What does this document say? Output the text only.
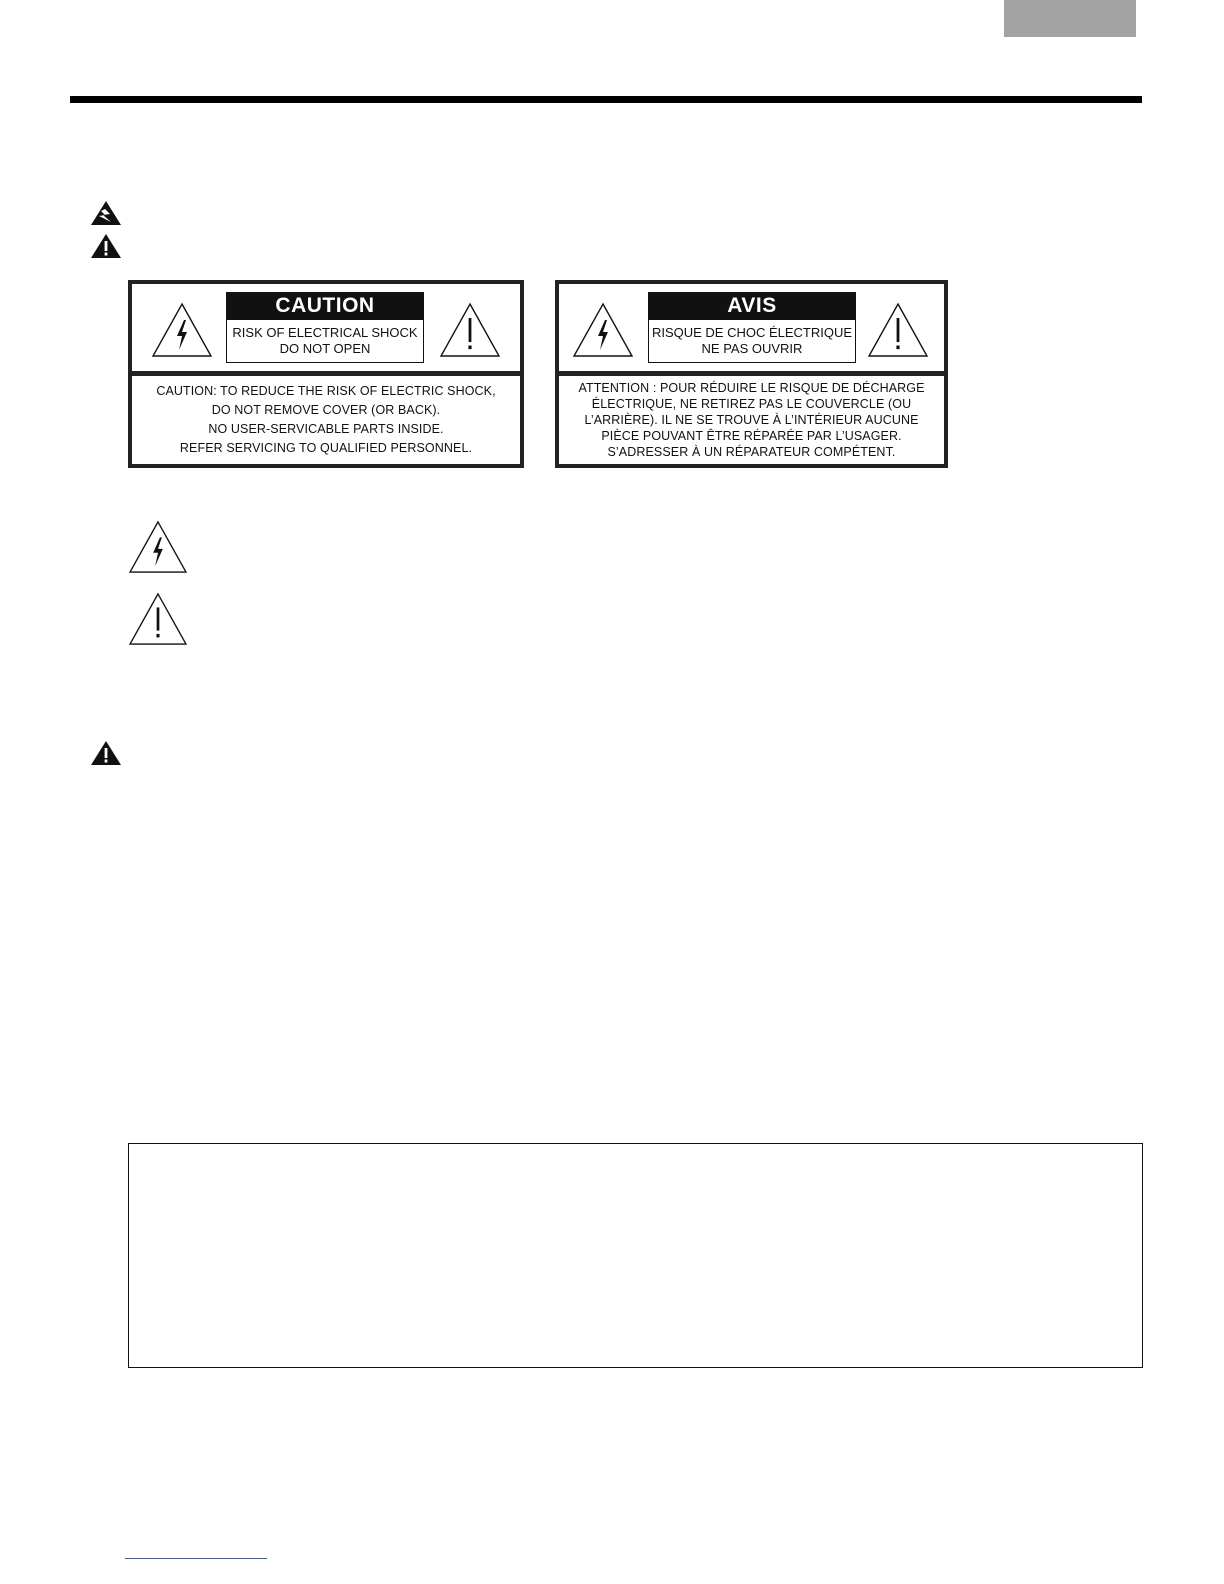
CAUTION
RISK OF ELECTRICAL SHOCK
DO NOT OPEN
CAUTION: TO REDUCE THE RISK OF ELECTRIC SHOCK,
DO NOT REMOVE COVER (OR BACK).
NO USER-SERVICABLE PARTS INSIDE.
REFER SERVICING TO QUALIFIED PERSONNEL.
AVIS
RISQUE DE CHOC ÉLECTRIQUE
NE PAS OUVRIR
ATTENTION : POUR RÉDUIRE LE RISQUE DE DÉCHARGE
ÉLECTRIQUE, NE RETIREZ PAS LE COUVERCLE (OU
L’ARRIÈRE). IL NE SE TROUVE À L’INTÉRIEUR AUCUNE
PIÈCE POUVANT ÊTRE RÉPARÉE PAR L’USAGER.
S’ADRESSER À UN RÉPARATEUR COMPÉTENT.
